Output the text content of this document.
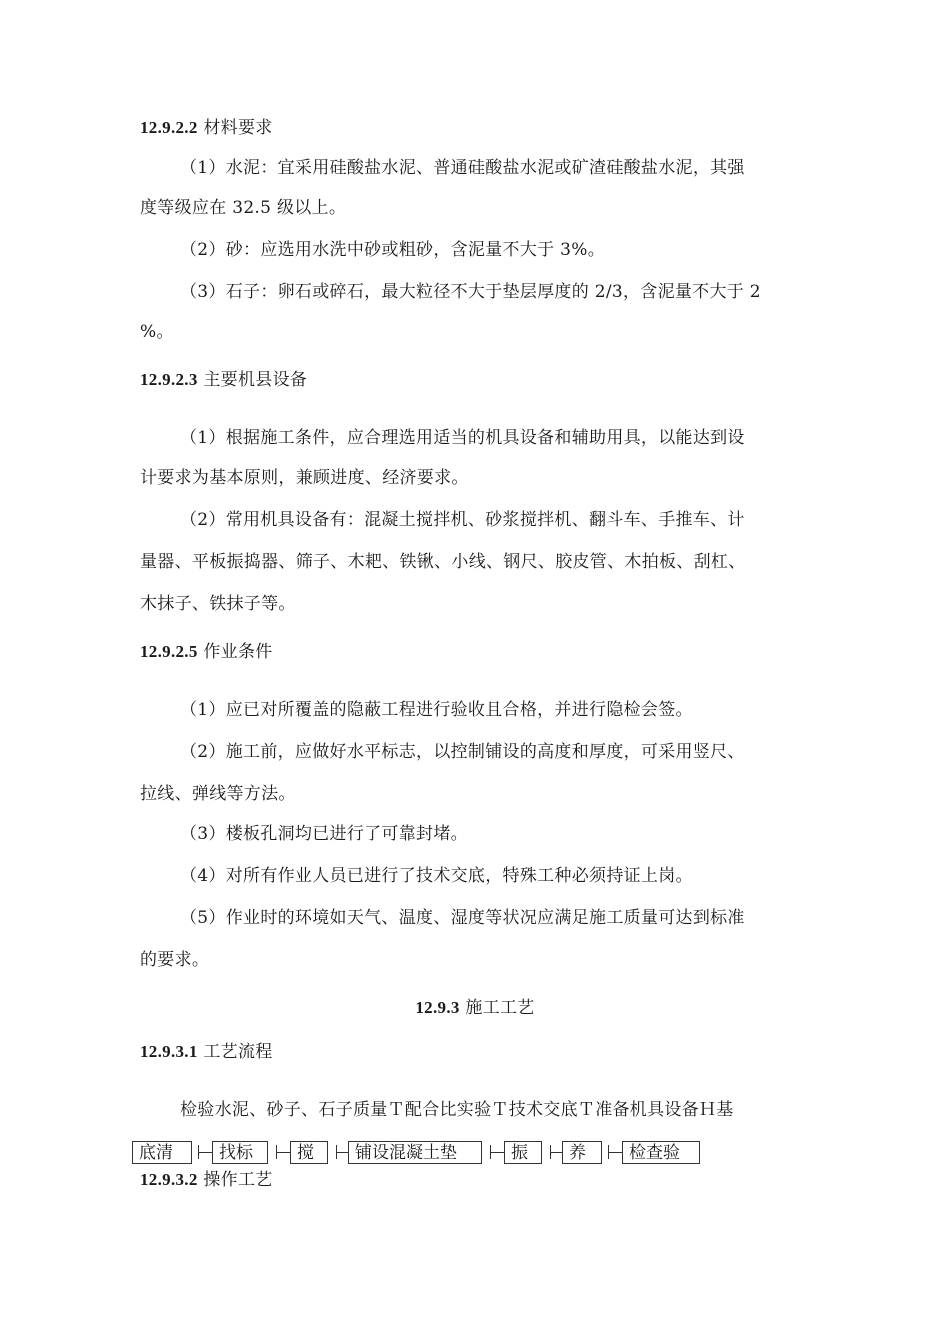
12.9.2.2 材料要求
（1）水泥：宜采用硅酸盐水泥、普通硅酸盐水泥或矿渣硅酸盐水泥，其强
度等级应在 32.5 级以上。
（2）砂：应选用水洗中砂或粗砂，含泥量不大于 3%。
（3）石子：卵石或碎石，最大粒径不大于垫层厚度的 2/3，含泥量不大于 2
%。
12.9.2.3 主要机县设备
（1）根据施工条件，应合理选用适当的机具设备和辅助用具，以能达到设
计要求为基本原则，兼顾进度、经济要求。
（2）常用机具设备有：混凝土搅拌机、砂浆搅拌机、翻斗车、手推车、计
量器、平板振捣器、筛子、木耙、铁锹、小线、钢尺、胶皮管、木拍板、刮杠、
木抹子、铁抹子等。
12.9.2.5 作业条件
（1）应已对所覆盖的隐蔽工程进行验收且合格，并进行隐检会签。
（2）施工前，应做好水平标志，以控制铺设的高度和厚度，可采用竖尺、
拉线、弹线等方法。
（3）楼板孔洞均已进行了可靠封堵。
（4）对所有作业人员已进行了技术交底，特殊工种必须持证上岗。
（5）作业时的环境如天气、温度、湿度等状况应满足施工质量可达到标准
的要求。
12.9.3 施工工艺
12.9.3.1 工艺流程
检验水泥、砂子、石子质量Ｔ配合比实验Ｔ技术交底Ｔ准备机具设备Ｈ基
底清	找标	搅	铺设混凝土垫	振	养	检查验
12.9.3.2 操作工艺
